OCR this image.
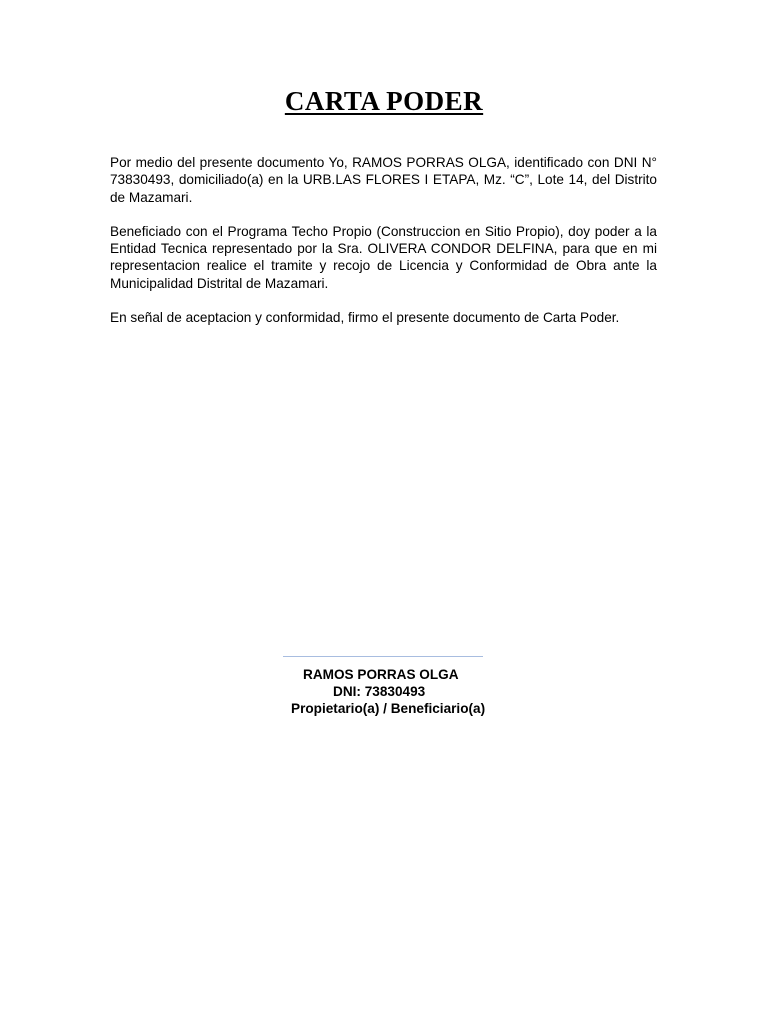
CARTA PODER

Por medio del presente documento Yo, RAMOS PORRAS OLGA, identificado con DNI N° 73830493, domiciliado(a) en la URB.LAS FLORES I ETAPA, Mz. “C”, Lote 14, del Distrito de Mazamari.

Beneficiado con el Programa Techo Propio (Construccion en Sitio Propio), doy poder a la Entidad Tecnica representado por la Sra. OLIVERA CONDOR DELFINA, para que en mi representacion realice el tramite y recojo de Licencia y Conformidad de Obra ante la Municipalidad Distrital de Mazamari.

En señal de aceptacion y conformidad, firmo el presente documento de Carta Poder.

RAMOS PORRAS OLGA
DNI: 73830493
Propietario(a) / Beneficiario(a)
